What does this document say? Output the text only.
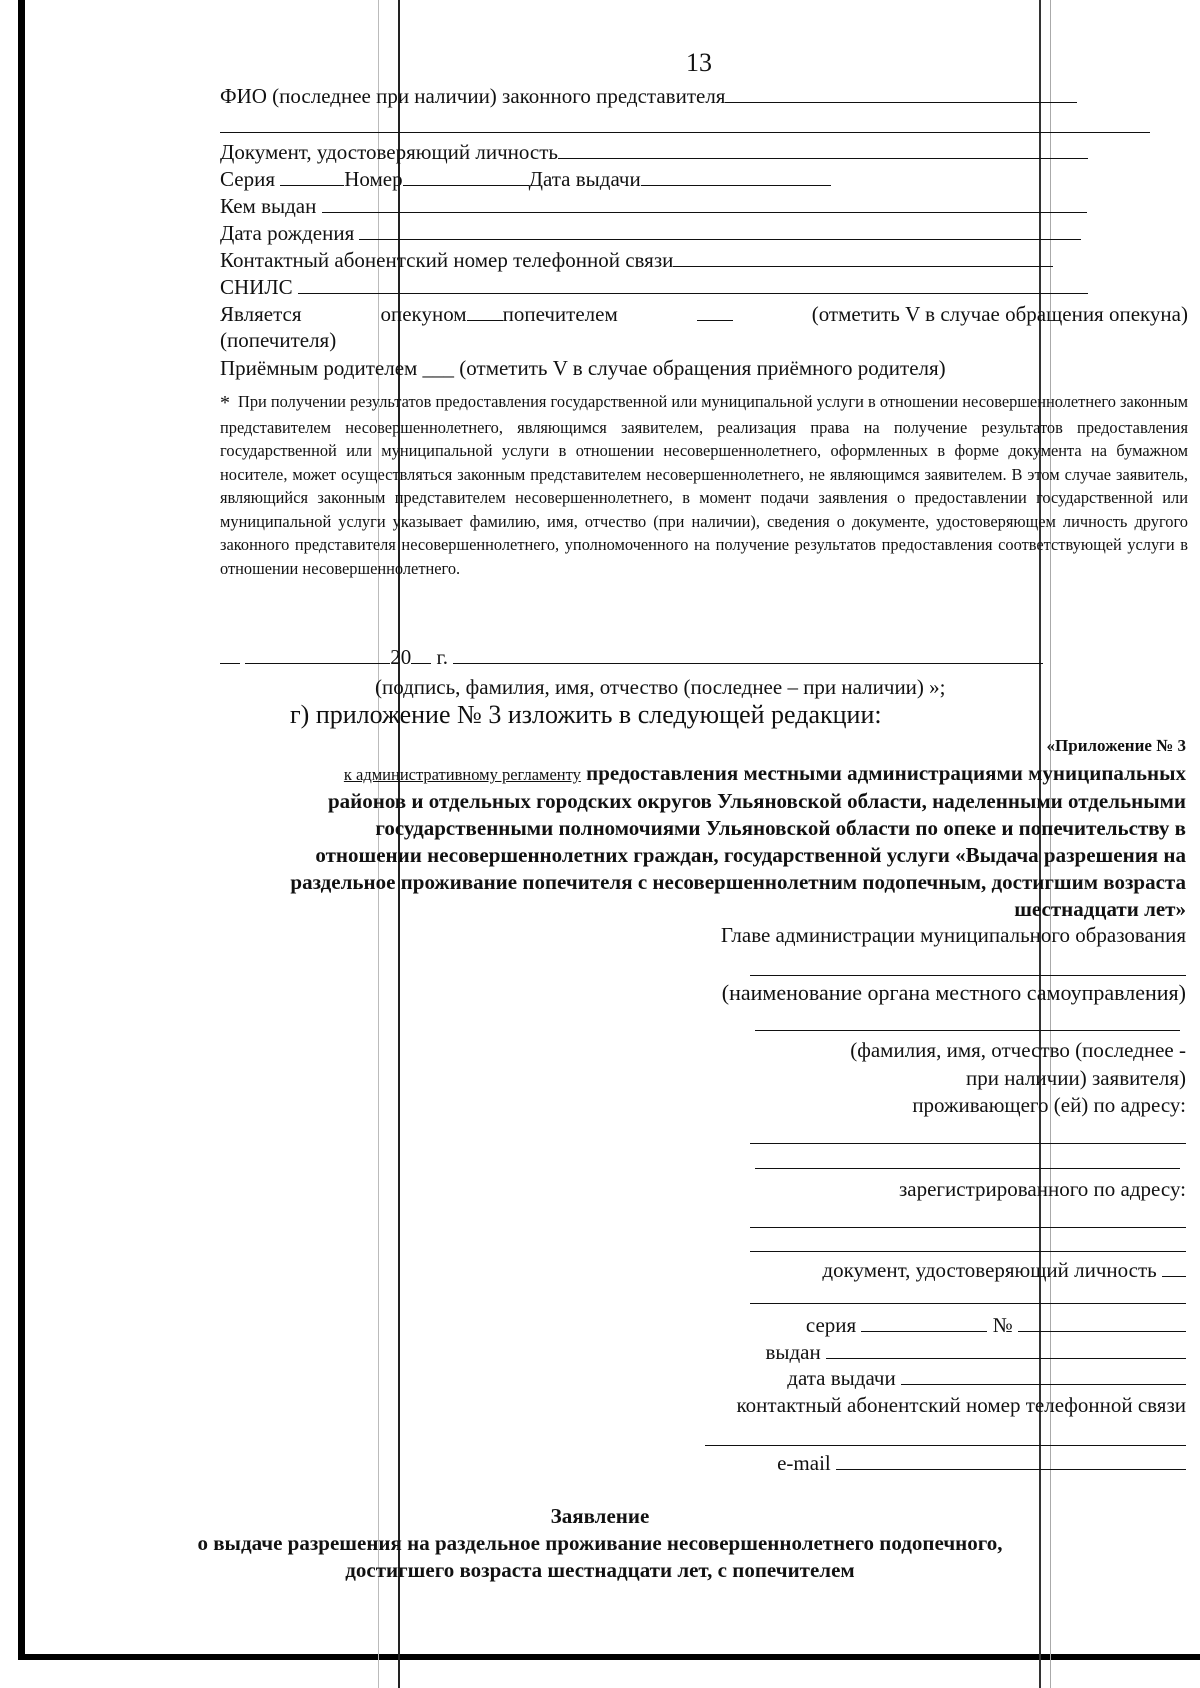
13
ФИО (последнее при наличии) законного представителя
Документ, удостоверяющий личность
Серия	Номер	Дата выдачи
Кем выдан
Дата рождения
Контактный абонентский номер телефонной связи
СНИЛС
Является	опекуном попечителем	(отметить V в случае обращения опекуна)
(попечителя)
Приёмным родителем ___ (отметить V в случае обращения приёмного родителя)
* При получении результатов предоставления государственной или муниципальной услуги в отношении несовершеннолетнего законным представителем несовершеннолетнего, являющимся заявителем, реализация права на получение результатов предоставления государственной или муниципальной услуги в отношении несовершеннолетнего, оформленных в форме документа на бумажном носителе, может осуществляться законным представителем несовершеннолетнего, не являющимся заявителем. В этом случае заявитель, являющийся законным представителем несовершеннолетнего, в момент подачи заявления о предоставлении государственной или муниципальной услуги указывает фамилию, имя, отчество (при наличии), сведения о документе, удостоверяющем личность другого законного представителя несовершеннолетнего, уполномоченного на получение результатов предоставления соответствующей услуги в отношении несовершеннолетнего.
20 г.
(подпись, фамилия, имя, отчество (последнее – при наличии) »;
г) приложение № 3 изложить в следующей редакции:
«Приложение № 3
к административному регламенту предоставления местными администрациями муниципальных районов и отдельных городских округов Ульяновской области, наделенными отдельными государственными полномочиями Ульяновской области по опеке и попечительству в отношении несовершеннолетних граждан, государственной услуги «Выдача разрешения на раздельное проживание попечителя с несовершеннолетним подопечным, достигшим возраста шестнадцати лет»
Главе администрации муниципального образования
(наименование органа местного самоуправления)
(фамилия, имя, отчество (последнее -
при наличии) заявителя)
проживающего (ей) по адресу:
зарегистрированного по адресу:
документ, удостоверяющий личность
серия	№
выдан
дата выдачи
контактный абонентский номер телефонной связи
e-mail
Заявление
о выдаче разрешения на раздельное проживание несовершеннолетнего подопечного,
достигшего возраста шестнадцати лет, с попечителем
